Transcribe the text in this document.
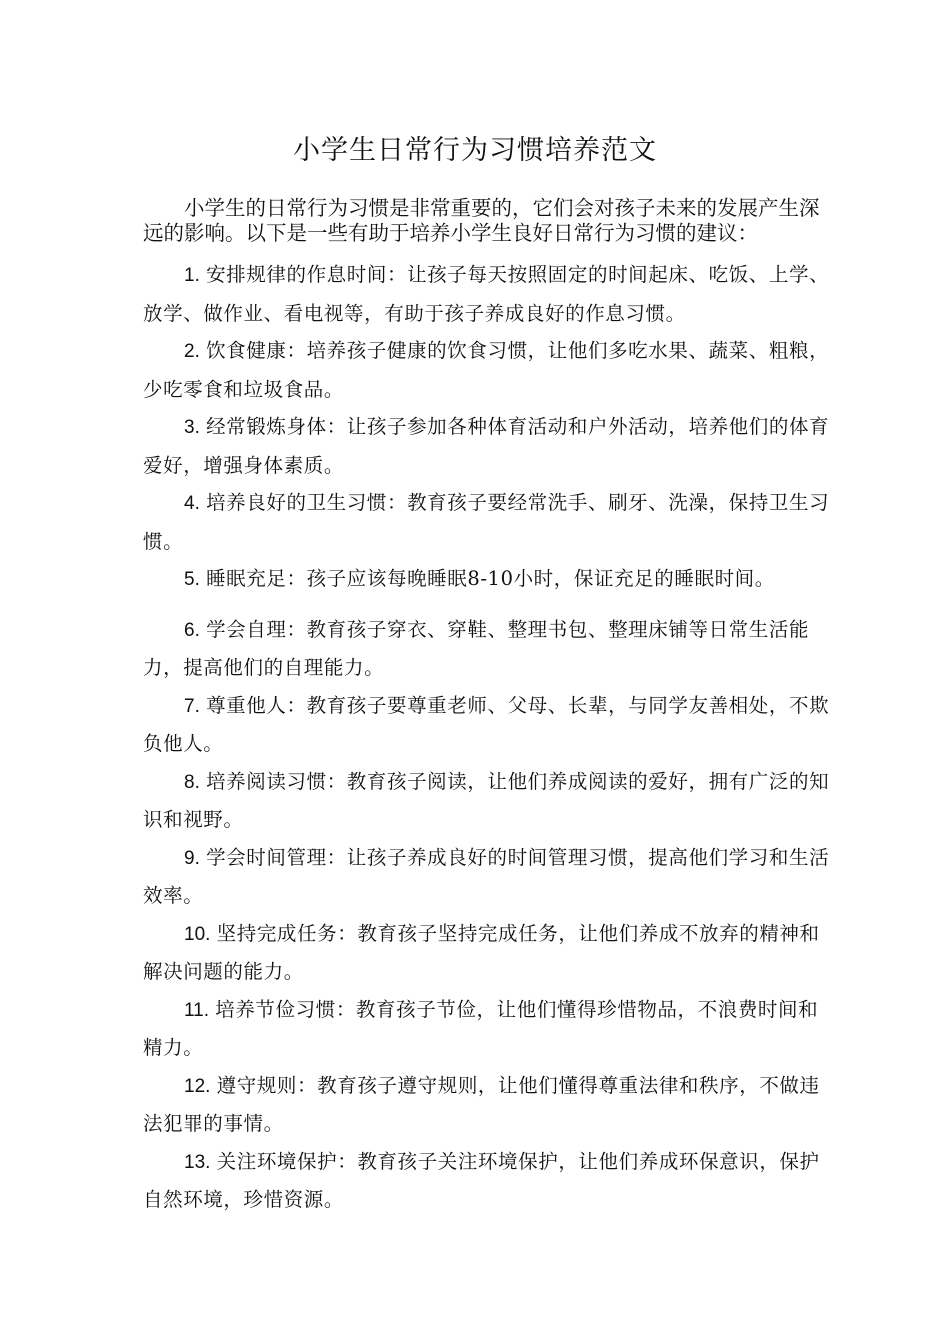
小学生日常行为习惯培养范文

小学生的日常行为习惯是非常重要的，它们会对孩子未来的发展产生深远的影响。以下是一些有助于培养小学生良好日常行为习惯的建议：

1. 安排规律的作息时间：让孩子每天按照固定的时间起床、吃饭、上学、放学、做作业、看电视等，有助于孩子养成良好的作息习惯。

2. 饮食健康：培养孩子健康的饮食习惯，让他们多吃水果、蔬菜、粗粮，少吃零食和垃圾食品。

3. 经常锻炼身体：让孩子参加各种体育活动和户外活动，培养他们的体育爱好，增强身体素质。

4. 培养良好的卫生习惯：教育孩子要经常洗手、刷牙、洗澡，保持卫生习惯。

5. 睡眠充足：孩子应该每晚睡眠8-10小时，保证充足的睡眠时间。

6. 学会自理：教育孩子穿衣、穿鞋、整理书包、整理床铺等日常生活能力，提高他们的自理能力。

7. 尊重他人：教育孩子要尊重老师、父母、长辈，与同学友善相处，不欺负他人。

8. 培养阅读习惯：教育孩子阅读，让他们养成阅读的爱好，拥有广泛的知识和视野。

9. 学会时间管理：让孩子养成良好的时间管理习惯，提高他们学习和生活效率。

10. 坚持完成任务：教育孩子坚持完成任务，让他们养成不放弃的精神和解决问题的能力。

11. 培养节俭习惯：教育孩子节俭，让他们懂得珍惜物品，不浪费时间和精力。

12. 遵守规则：教育孩子遵守规则，让他们懂得尊重法律和秩序，不做违法犯罪的事情。

13. 关注环境保护：教育孩子关注环境保护，让他们养成环保意识，保护自然环境，珍惜资源。
